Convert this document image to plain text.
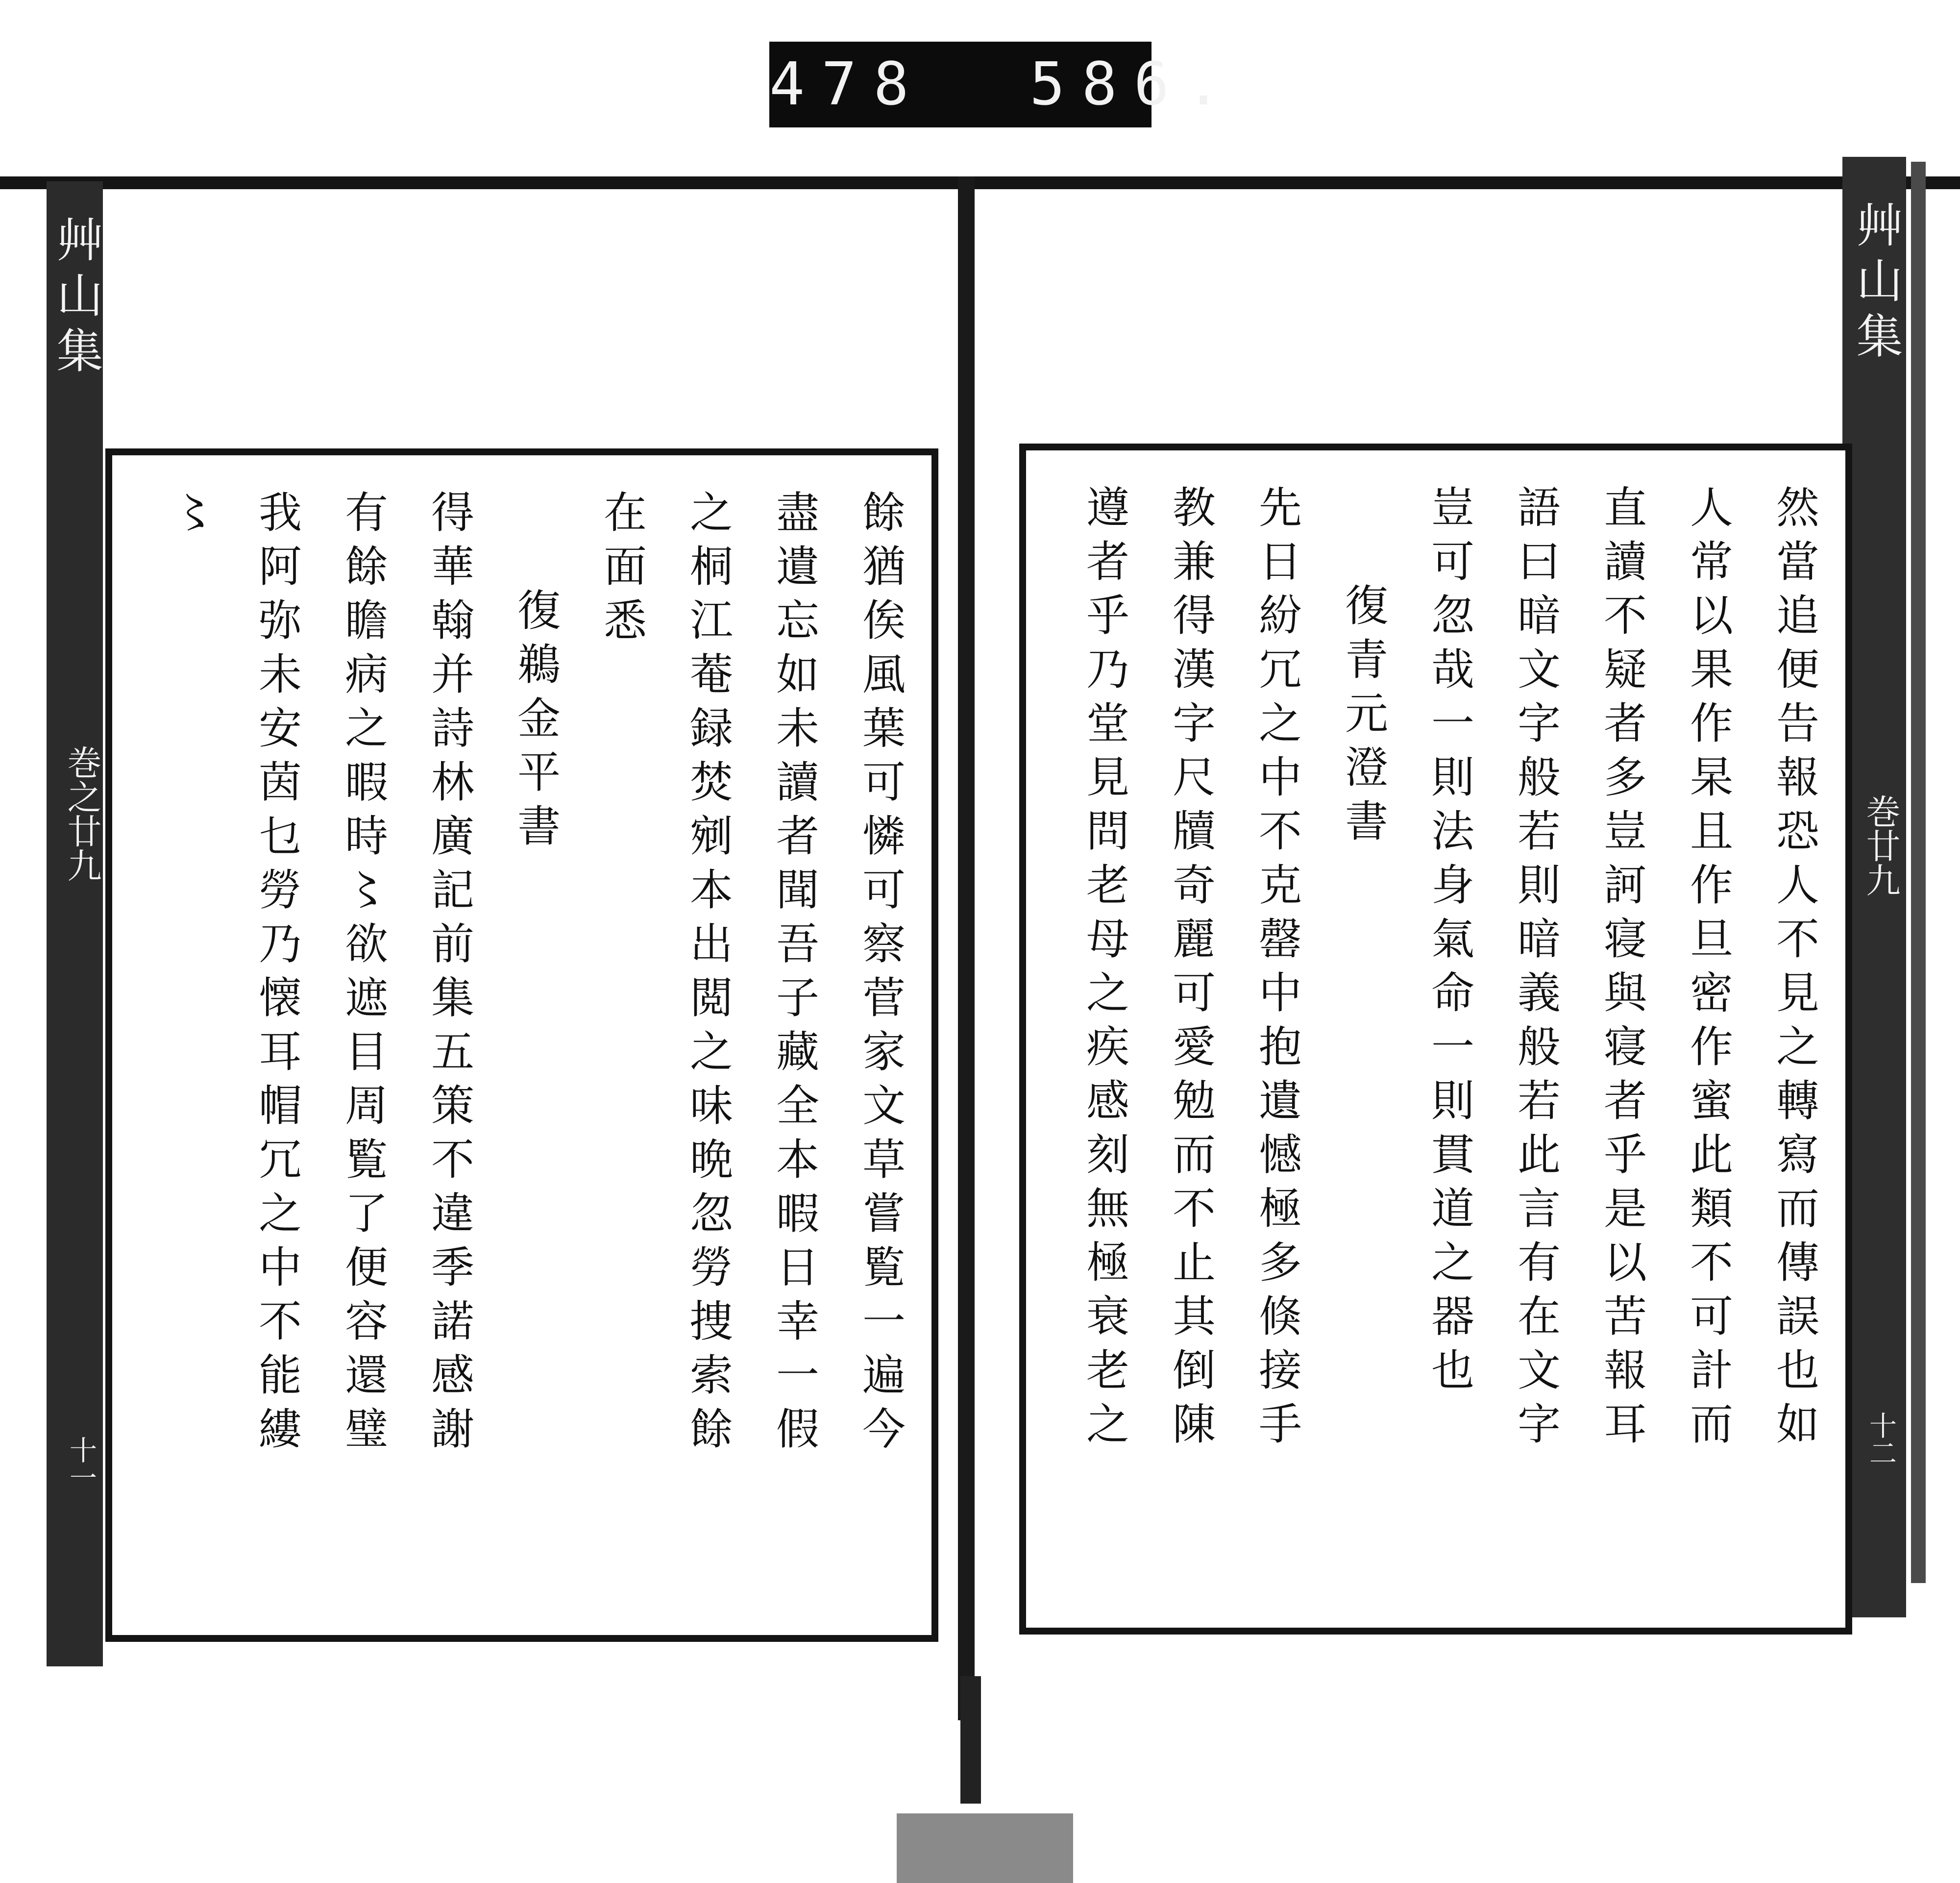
478  586.
艸山集
巻之廿九
十一
艸山集
巻廿九
十二
然當追便告報恐人不見之轉寫而傳誤也如
人常以果作杲且作旦密作蜜此類不可計而
直讀不疑者多豈訶寝與寝者乎是以苦報耳
語曰暗文字般若則暗義般若此言有在文字
豈可忽哉一則法身氣命一則貫道之器也
復青元澄書
先日紛冗之中不克罄中抱遺憾極多倏接手
教兼得漢字尺牘奇麗可愛勉而不止其倒陳
遵者乎乃堂見問老母之疾感刻無極衰老之
餘猶俟風葉可憐可察菅家文草嘗覧一遍今
盡遺忘如未讀者聞吾子藏全本暇日幸一假
之桐江菴録焚剜本出閲之味晩忽勞捜索餘
在面悉
復鵜金平書
得華翰并詩林廣記前集五策不違季諾感謝
有餘瞻病之暇時〻欲遮目周覧了便容還璧
我阿弥未安茵乜勞乃懐耳帽冗之中不能縷
〻
